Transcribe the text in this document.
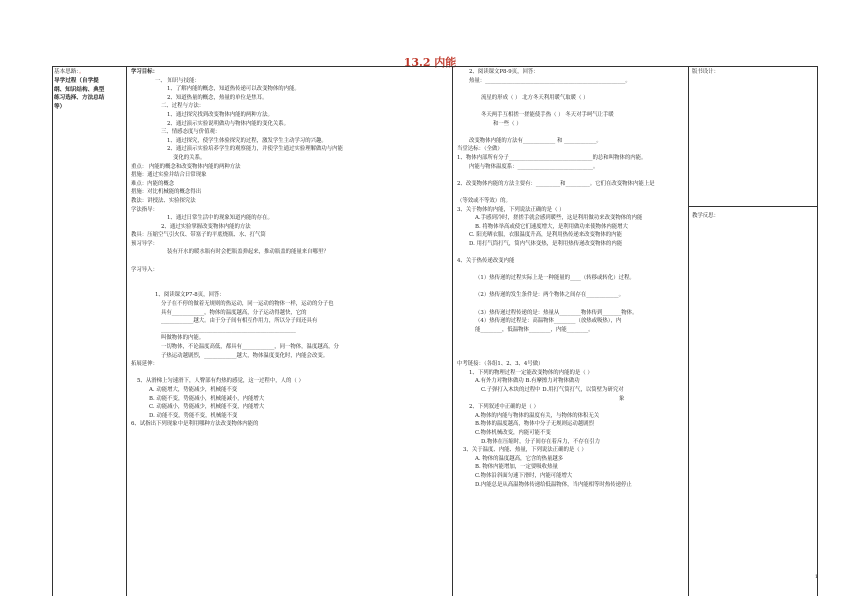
13.2 内能
基本思路：。
导学过程（自学提
纲、知识结构、典型
练习选择、方法总结
等）
学习目标：
一、 知识与技能：
1、了解内能的概念，知道热传递可以改变物体的内能。
2、知道热量的概念，热量的单位是焦耳。
二、过程与方法：
1、通过探究找到改变物体内能的两种方法。
2、通过演示实验说明做功与物体内能的变化关系。
三、情感态度与价值观：
1、通过探究，使学生体验探究的过程，激发学生主动学习的兴趣。
2、通过演示实验培养学生的观察能力，并使学生通过实验理解做功与内能
变化的关系。
重点： 内能的概念和改变物体内能的两种方法
措施：通过实验并结合日常现象
难点：内能的概念
措施：对比机械能的概念得出
教法：讲授法、实验探究法
学法指导：
1、通过日常生活中的现象知道内能的存在。
2、通过实验掌握改变物体内能的方法
教具：压缩空气引火仪、带塞子的平底烧瓶、水、打气筒
预习导学：
装有开水的暖水瓶有时会把瓶盖弹起来，推动瓶盖的能量来自哪里？
学习导入：
1、阅读课文P7-8页，回答：
分子在不停的做着无规则的热运动，同一运动的物体一样，运动的分子也
具有____________，物体的温度越高，分子运动得越快，它的
____________越大。由于分子间有相互作用力，所以分子间还具有
__________________________________________________
叫做物体的内能。
一切物体，不论温度高低，都具有____________，同一物体，温度越高，分
子热运动越剧烈，____________越大，物体温度变化时，内能会改变。
拓展延伸：
5、从滑梯上匀速滑下，人臀部有灼热的感觉，这一过程中，人的（ ）
A. 动能增大，势能减少，机械能不变
B. 动能不变，势能减小，机械能减小，内能增大
C. 动能减小，势能减少，机械能不变，内能增大
D. 动能不变，势能不变，机械能不变
6、试指出下列现象中是利用哪种方法改变物体内能的
2、阅读课文P8-9页，回答：
热量：____________________________________________________。
流星的形成（ ） 北方冬天利用暖气取暖（ ）
冬天两手互相搓一搓能使手热（ ） 冬天对手呵气让手暖
和一些（ ）
改变物体内能的方法有____________ 和 ____________。
当堂达标：（全做）
1、物体内部所有分子_______________________________的总和叫物体的内能。
内能与物体温度系：____________________________。
2、改变物体内能的方法主要有：_________和_________。它们在改变物体内能上是
（等效或不等效）的。
3、关于物体的内能，下列说法正确的是（ ）
A.手感到冷时，搓搓手就会感到暖些，这是利用做功来改变物体的内能
B. 将物体举高或使它们速度增大，是利用做功来使物体内能增大
C. 阳光晒衣服，衣服温度升高，是利用热传递来改变物体的内能
D. 用打气筒打气，筒内气体变热，是利用热传递改变物体的内能
4、关于热传递改变内能
（1）热传递的过程实际上是一种能量的____（转移或转化）过程。
（2）热传递的发生条件是：两个物体之间存在____________。
（3）热传递过程传递的是：热量从________物体传到_______物体。
（4）热传递的过程是：高温物体________（放热或吸热），内
能________，低温物体________，内能________。
中考链接：（各组1、2、3、4号做）
1、下列的物理过程一定能改变物体的内能的是（ ）
A.有外力对物体做功 B.有摩擦力对物体做功
C.子弹打入木块的过程中 D.用打气筒打气，以筒壁为研究对
象
2、下列叙述中正确的是（ ）
A.物体的内能与物体的温度有关，与物体的体积无关
B.物体的温度越高，物体中分子无规则运动越剧烈
C.物体机械改变，内能可能不变
D.物体在压缩时，分子间存在着斥力，不存在引力
3、关于温度、内能、热量，下列说法正确的是（ ）
A. 物体的温度越高，它含的热量越多
B. 物体内能增加，一定要吸收热量
C.物体沿斜面匀速下滑时，内能可能增大
D.内能总是从高温物体传递给低温物体，当内能相等时热传递停止
版书设计：
教学反思：
1
